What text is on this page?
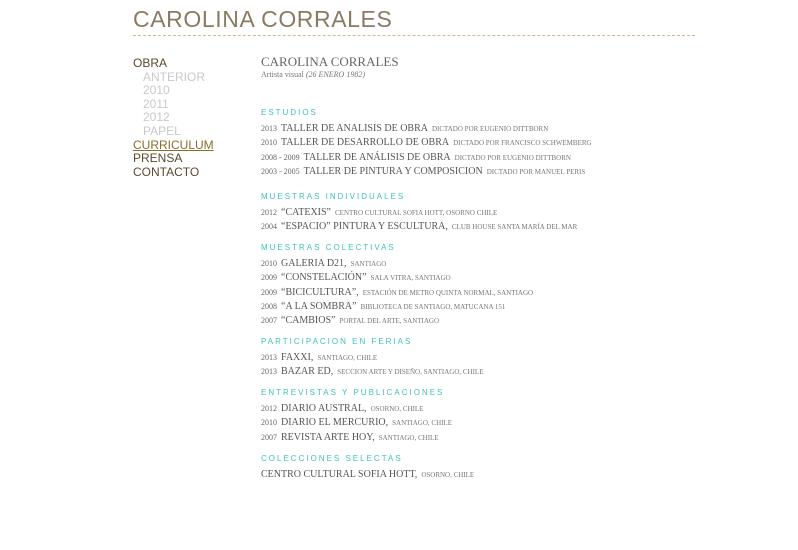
CAROLINA CORRALES
OBRA
ANTERIOR
2010
2011
2012
PAPEL
CURRICULUM
PRENSA
CONTACTO
CAROLINA CORRALES
Artista visual (26 ENERO 1982)
ESTUDIOS
2013 TALLER DE ANALISIS DE OBRA DICTADO POR EUGENIO DITTBORN
2010 TALLER DE DESARROLLO DE OBRA DICTADO POR FRANCISCO SCHWEMBERG
2008 - 2009 TALLER DE ANÁLISIS DE OBRA DICTADO POR EUGENIO DITTBORN
2003 - 2005 TALLER DE PINTURA Y COMPOSICION DICTADO POR MANUEL PERIS
MUESTRAS INDIVIDUALES
2012 “CATEXIS” CENTRO CULTURAL SOFIA HOTT, OSORNO CHILE
2004 “ESPACIO” PINTURA Y ESCULTURA, CLUB HOUSE SANTA MARÍA DEL MAR
MUESTRAS COLECTIVAS
2010 GALERIA D21, SANTIAGO
2009 “CONSTELACIÓN” SALA VITRA, SANTIAGO
2009 “BICICULTURA”, ESTACIÓN DE METRO QUINTA NORMAL, SANTIAGO
2008 “A LA SOMBRA” BIBLIOTECA DE SANTIAGO, MATUCANA 151
2007 “CAMBIOS” PORTAL DEL ARTE, SANTIAGO
PARTICIPACION EN FERIAS
2013 FAXXI, SANTIAGO, CHILE
2013 BAZAR ED, SECCION ARTE Y DISEÑO, SANTIAGO, CHILE
ENTREVISTAS Y PUBLICACIONES
2012 DIARIO AUSTRAL, OSORNO, CHILE
2010 DIARIO EL MERCURIO, SANTIAGO, CHILE
2007 REVISTA ARTE HOY, SANTIAGO, CHILE
COLECCIONES SELECTAS
CENTRO CULTURAL SOFIA HOTT, OSORNO, CHILE
